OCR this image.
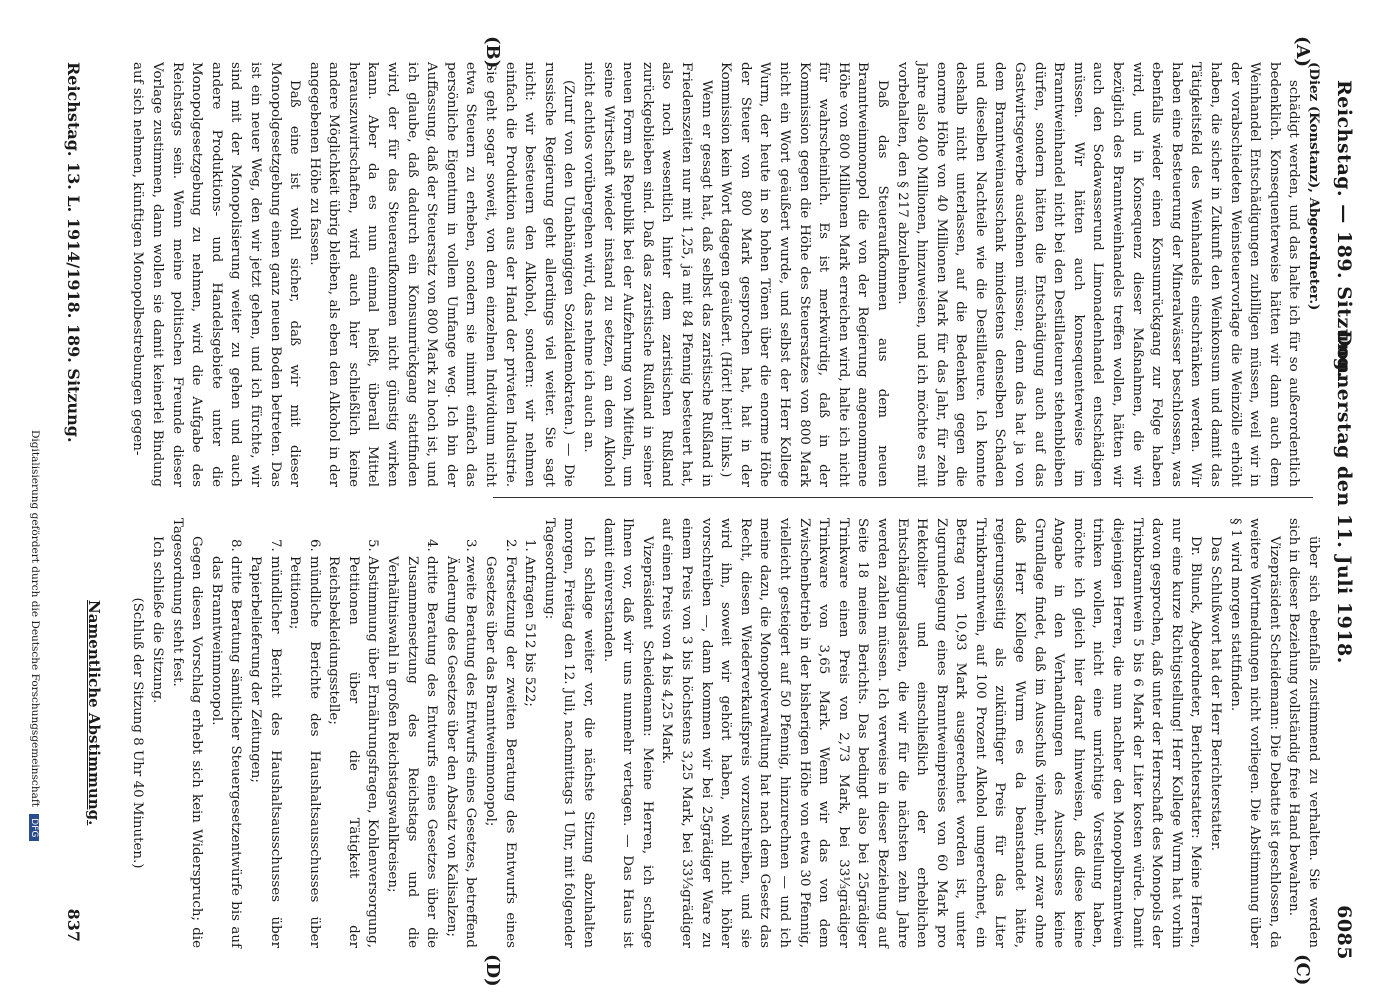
Reichstag. — 189. Sitzung.
Donnerstag den 11. Juli 1918.
6085
(A)
(B)
(C)
(D)

(Diez (Konstanz), Abgeordneter.)

schädigt werden, und das halte ich für so außerordentlich bedenklich. Konsequenterweise hätten wir dann auch dem Weinhandel Entschädigungen zubilligen müssen, weil wir in der vorabschiedeten Weinsteuervorlage die Weinzölle erhöht haben, die sicher in Zukunft den Weinkonsum und damit das Tätigkeitsfeld des Weinhandels einschränken werden. Wir haben eine Besteuerung der Mineralwässer beschlossen, was ebenfalls wieder einen Konsumrückgang zur Folge haben wird, und in Konsequenz dieser Maßnahmen, die wir bezüglich des Branntweinhandels treffen wollen, hätten wir auch den Sodawasserund Limonadenhandel entschädigen müssen. Wir hätten auch konsequenterweise im Branntweinhandel nicht bei den Destillateuren stehenbleiben dürfen, sondern hätten die Entschädigung auch auf das Gastwirtsgewerbe ausdehnen müssen; denn das hat ja von dem Branntweinausschank mindestens denselben Schaden und dieselben Nachteile wie die Destillateure. Ich konnte deshalb nicht unterlassen, auf die Bedenken gegen die enorme Höhe von 40 Millionen Mark für das Jahr, für zehn Jahre also 400 Millionen, hinzuweisen, und ich möchte es mit vorbehalten, den § 217 abzulehnen.

Daß das Steueraufkommen aus dem neuen Branntweinmonopol die von der Regierung angenommene Höhe von 800 Millionen Mark erreichen wird, halte ich nicht für wahrscheinlich. Es ist merkwürdig, daß in der Kommission gegen die Höhe des Steuersatzes von 800 Mark nicht ein Wort geäußert wurde, und selbst der Herr Kollege Wurm, der heute in so hohen Tönen über die enorme Höhe der Steuer von 800 Mark gesprochen hat, hat in der Kommission kein Wort dagegen geäußert. (Hört! hört! links.)

Wenn er gesagt hat, daß selbst das zaristische Rußland in Friedenszeiten nur mit 1,25, ja mit 84 Pfennig besteuert hat, also noch wesentlich hinter dem zaristischen Rußland zurückgeblieben sind. Daß das zaristische Rußland in seiner neuen Form als Republik bei der Aufzehrung von Mitteln, um seine Wirtschaft wieder instand zu setzen, an dem Alkohol nicht achtlos vorübergehen wird, das nehme ich auch an.

(Zuruf von den Unabhängigen Sozialdemokraten.) — Die russische Regierung geht allerdings viel weiter. Sie sagt nicht: wir besteuern den Alkohol, sondern: wir nehmen einfach die Produktion aus der Hand der privaten Industrie. Sie geht sogar soweit, von dem einzelnen Individuum nicht etwa Steuern zu erheben, sondern sie nimmt einfach das persönliche Eigentum in vollem Umfange weg. Ich bin der Auffassung, daß der Steuersatz von 800 Mark zu hoch ist, und ich glaube, daß dadurch ein Konsumrückgang stattfinden wird, der für das Steueraufkommen nicht günstig wirken kann. Aber da es nun einmal heißt, überall Mittel herauszuwirtschaften, wird auch hier schließlich keine andere Möglichkeit übrig bleiben, als eben den Alkohol in der angegebenen Höhe zu fassen.

Daß eine ist wohl sicher, daß wir mit dieser Monopolgesetzgebung einen ganz neuen Boden betreten. Das ist ein neuer Weg, den wir jetzt gehen, und ich fürchte, wir sind mit der Monopolisierung weiter zu gehen und auch andere Produktions- und Handelsgebiete unter die Monopolgesetzgebung zu nehmen, wird die Aufgabe des Reichstags sein. Wenn meine politischen Freunde dieser Vorlage zustimmen, dann wollen sie damit keinerlei Bindung auf sich nehmen, künftigen Monopolbestrebungen gegen-

über sich ebenfalls zustimmend zu verhalten. Sie werden sich in dieser Beziehung vollständig freie Hand bewahren.

Vizepräsident Scheidemann: Die Debatte ist geschlossen, da weitere Wortmeldungen nicht vorliegen. Die Abstimmung über § 1 wird morgen stattfinden.

Das Schlußwort hat der Herr Berichterstatter.

Dr. Blunck, Abgeordneter, Berichterstatter: Meine Herren, nur eine kurze Richtigstellung! Herr Kollege Wurm hat vorhin davon gesprochen, daß unter der Herrschaft des Monopols der Trinkbranntwein 5 bis 6 Mark der Liter kosten würde. Damit diejenigen Herren, die nun nachher den Monopolbranntwein trinken wollen, nicht eine unrichtige Vorstellung haben, möchte ich gleich hier darauf hinweisen, daß diese keine Angabe in den Verhandlungen des Ausschusses keine Grundlage findet, daß im Ausschuß vielmehr, und zwar ohne daß Herr Kollege Wurm es da beanstandet hätte, regierungsseitig als zukünftiger Preis für das Liter Trinkbranntwein, auf 100 Prozent Alkohol umgerechnet, ein Betrag von 10,93 Mark ausgerechnet worden ist, unter Zugrundelegung eines Branntweinpreises von 60 Mark pro Hektoliter und einschließlich der erheblichen Entschädigungslasten, die wir für die nächsten zehn Jahre werden zahlen müssen. Ich verweise in dieser Beziehung auf Seite 18 meines Berichts. Das bedingt also bei 25grädiger Trinkware einen Preis von 2,73 Mark, bei 33⅓grädiger Trinkware von 3,65 Mark. Wenn wir das von dem Zwischenbetrieb in der bisherigen Höhe von etwa 30 Pfennig, vielleicht gesteigert auf 50 Pfennig, hinzurechnen — und ich meine dazu, die Monopolverwaltung hat nach dem Gesetz das Recht, diesen Wiederverkaufspreis vorzuschreiben, und sie wird ihn, soweit wir gehört haben, wohl nicht höher vorschreiben —, dann kommen wir bei 25grädiger Ware zu einem Preis von 3 bis höchstens 3,25 Mark, bei 33⅓grädiger auf einen Preis von 4 bis 4,25 Mark.

Vizepräsident Scheidemann: Meine Herren, ich schlage Ihnen vor, daß wir uns nunmehr vertagen. — Das Haus ist damit einverstanden.

Ich schlage weiter vor, die nächste Sitzung abzuhalten morgen, Freitag den 12. Juli, nachmittags 1 Uhr, mit folgender Tagesordnung:

1. Anfragen 512 bis 522;
2. Fortsetzung der zweiten Beratung des Entwurfs eines Gesetzes über das Branntweinmonopol;
3. zweite Beratung des Entwurfs eines Gesetzes, betreffend Änderung des Gesetzes über den Absatz von Kalisalzen;
4. dritte Beratung des Entwurfs eines Gesetzes über die Zusammensetzung des Reichstags und die Verhältniswahl in großen Reichstagswahlkreisen;
5. Abstimmung über Ernährungsfragen, Kohlenversorgung, Petitionen über die Tätigkeit der Reichsbekleidungsstelle;
6. mündliche Berichte des Haushaltsausschusses über Petitionen;
7. mündlicher Bericht des Haushaltsausschusses über Papierbelieferung der Zeitungen;
8. dritte Beratung sämtlicher Steuergesetzentwürfe bis auf das Branntweinmonopol.

Gegen diesen Vorschlag erhebt sich kein Widerspruch; die Tagesordnung steht fest.

Ich schließe die Sitzung.

(Schluß der Sitzung 8 Uhr 40 Minuten.)

Reichstag. 13. L. 1914/1918. 189. Sitzung.
837
Namentliche Abstimmung.
Digitalisierung gefördert durch die Deutsche Forschungsgemeinschaft DFG
